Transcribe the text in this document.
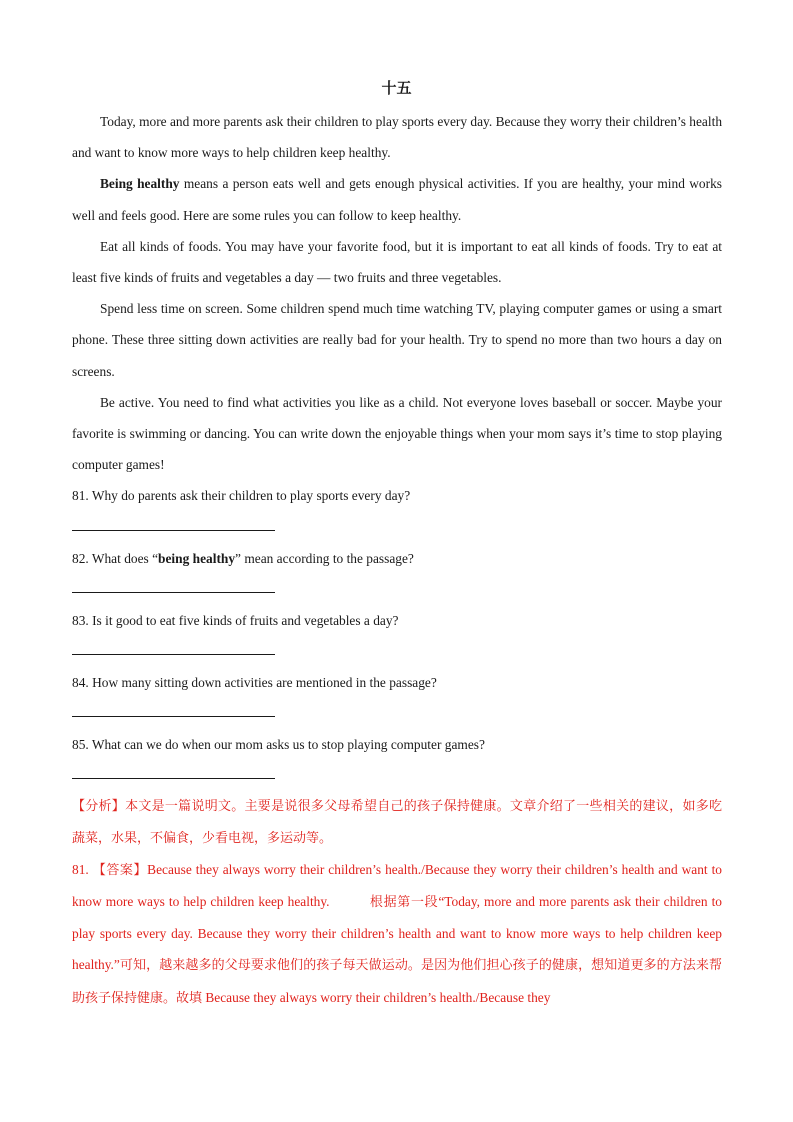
十五

Today, more and more parents ask their children to play sports every day. Because they worry their children’s health and want to know more ways to help children keep healthy.

Being healthy means a person eats well and gets enough physical activities. If you are healthy, your mind works well and feels good. Here are some rules you can follow to keep healthy.

Eat all kinds of foods. You may have your favorite food, but it is important to eat all kinds of foods. Try to eat at least five kinds of fruits and vegetables a day — two fruits and three vegetables.

Spend less time on screen. Some children spend much time watching TV, playing computer games or using a smart phone. These three sitting down activities are really bad for your health. Try to spend no more than two hours a day on screens.

Be active. You need to find what activities you like as a child. Not everyone loves baseball or soccer. Maybe your favorite is swimming or dancing. You can write down the enjoyable things when your mom says it’s time to stop playing computer games!

81. Why do parents ask their children to play sports every day?

82. What does “being healthy” mean according to the passage?

83. Is it good to eat five kinds of fruits and vegetables a day?

84. How many sitting down activities are mentioned in the passage?

85. What can we do when our mom asks us to stop playing computer games?

【分析】本文是一篇说明文。主要是说很多父母希望自己的孩子保持健康。文章介绍了一些相关的建议，如多吃蔬菜，水果，不偏食，少看电视，多运动等。

81. 【答案】Because they always worry their children’s health./Because they worry their children’s health and want to know more ways to help children keep healthy.	根据第一段“Today, more and more parents ask their children to play sports every day. Because they worry their children’s health and want to know more ways to help children keep healthy.”可知，越来越多的父母要求他们的孩子每天做运动。是因为他们担心孩子的健康，想知道更多的方法来帮助孩子保持健康。故填 Because they always worry their children’s health./Because they
